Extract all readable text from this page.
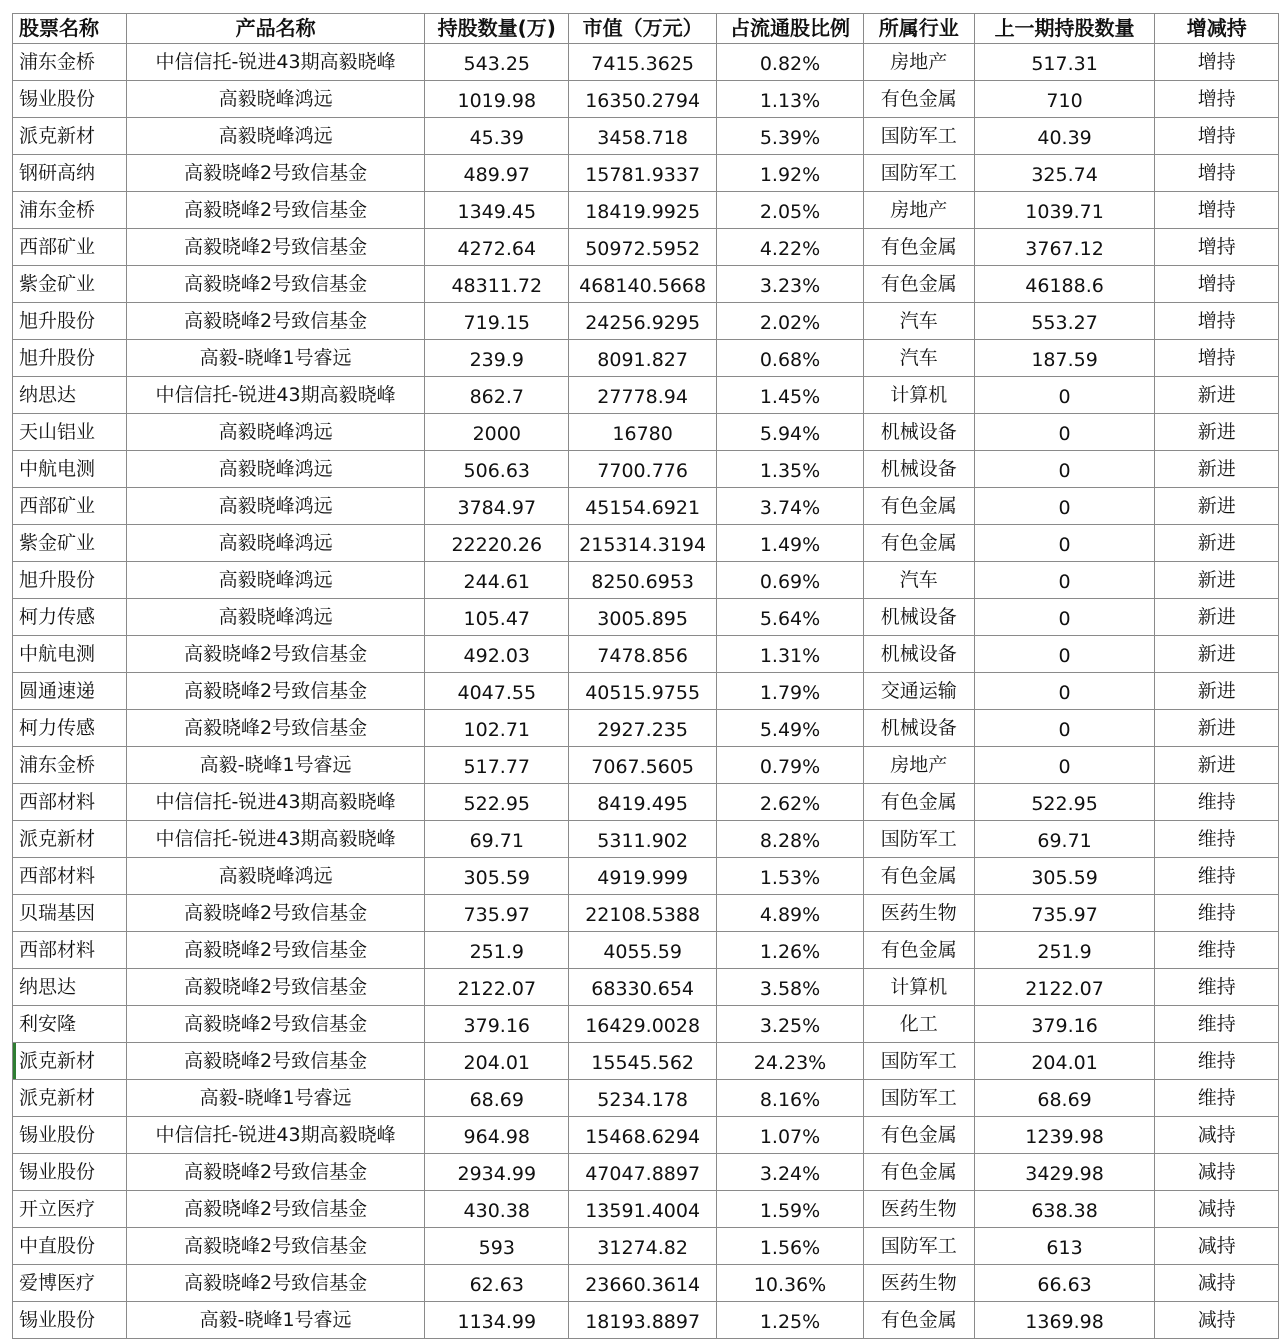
股票名称	产品名称	持股数量(万)	市值（万元）	占流通股比例	所属行业	上一期持股数量	增减持
浦东金桥	中信信托-锐进43期高毅晓峰	543.25	7415.3625	0.82%	房地产	517.31	增持
锡业股份	高毅晓峰鸿远	1019.98	16350.2794	1.13%	有色金属	710	增持
派克新材	高毅晓峰鸿远	45.39	3458.718	5.39%	国防军工	40.39	增持
钢研高纳	高毅晓峰2号致信基金	489.97	15781.9337	1.92%	国防军工	325.74	增持
浦东金桥	高毅晓峰2号致信基金	1349.45	18419.9925	2.05%	房地产	1039.71	增持
西部矿业	高毅晓峰2号致信基金	4272.64	50972.5952	4.22%	有色金属	3767.12	增持
紫金矿业	高毅晓峰2号致信基金	48311.72	468140.5668	3.23%	有色金属	46188.6	增持
旭升股份	高毅晓峰2号致信基金	719.15	24256.9295	2.02%	汽车	553.27	增持
旭升股份	高毅-晓峰1号睿远	239.9	8091.827	0.68%	汽车	187.59	增持
纳思达	中信信托-锐进43期高毅晓峰	862.7	27778.94	1.45%	计算机	0	新进
天山铝业	高毅晓峰鸿远	2000	16780	5.94%	机械设备	0	新进
中航电测	高毅晓峰鸿远	506.63	7700.776	1.35%	机械设备	0	新进
西部矿业	高毅晓峰鸿远	3784.97	45154.6921	3.74%	有色金属	0	新进
紫金矿业	高毅晓峰鸿远	22220.26	215314.3194	1.49%	有色金属	0	新进
旭升股份	高毅晓峰鸿远	244.61	8250.6953	0.69%	汽车	0	新进
柯力传感	高毅晓峰鸿远	105.47	3005.895	5.64%	机械设备	0	新进
中航电测	高毅晓峰2号致信基金	492.03	7478.856	1.31%	机械设备	0	新进
圆通速递	高毅晓峰2号致信基金	4047.55	40515.9755	1.79%	交通运输	0	新进
柯力传感	高毅晓峰2号致信基金	102.71	2927.235	5.49%	机械设备	0	新进
浦东金桥	高毅-晓峰1号睿远	517.77	7067.5605	0.79%	房地产	0	新进
西部材料	中信信托-锐进43期高毅晓峰	522.95	8419.495	2.62%	有色金属	522.95	维持
派克新材	中信信托-锐进43期高毅晓峰	69.71	5311.902	8.28%	国防军工	69.71	维持
西部材料	高毅晓峰鸿远	305.59	4919.999	1.53%	有色金属	305.59	维持
贝瑞基因	高毅晓峰2号致信基金	735.97	22108.5388	4.89%	医药生物	735.97	维持
西部材料	高毅晓峰2号致信基金	251.9	4055.59	1.26%	有色金属	251.9	维持
纳思达	高毅晓峰2号致信基金	2122.07	68330.654	3.58%	计算机	2122.07	维持
利安隆	高毅晓峰2号致信基金	379.16	16429.0028	3.25%	化工	379.16	维持
派克新材	高毅晓峰2号致信基金	204.01	15545.562	24.23%	国防军工	204.01	维持
派克新材	高毅-晓峰1号睿远	68.69	5234.178	8.16%	国防军工	68.69	维持
锡业股份	中信信托-锐进43期高毅晓峰	964.98	15468.6294	1.07%	有色金属	1239.98	减持
锡业股份	高毅晓峰2号致信基金	2934.99	47047.8897	3.24%	有色金属	3429.98	减持
开立医疗	高毅晓峰2号致信基金	430.38	13591.4004	1.59%	医药生物	638.38	减持
中直股份	高毅晓峰2号致信基金	593	31274.82	1.56%	国防军工	613	减持
爱博医疗	高毅晓峰2号致信基金	62.63	23660.3614	10.36%	医药生物	66.63	减持
锡业股份	高毅-晓峰1号睿远	1134.99	18193.8897	1.25%	有色金属	1369.98	减持
